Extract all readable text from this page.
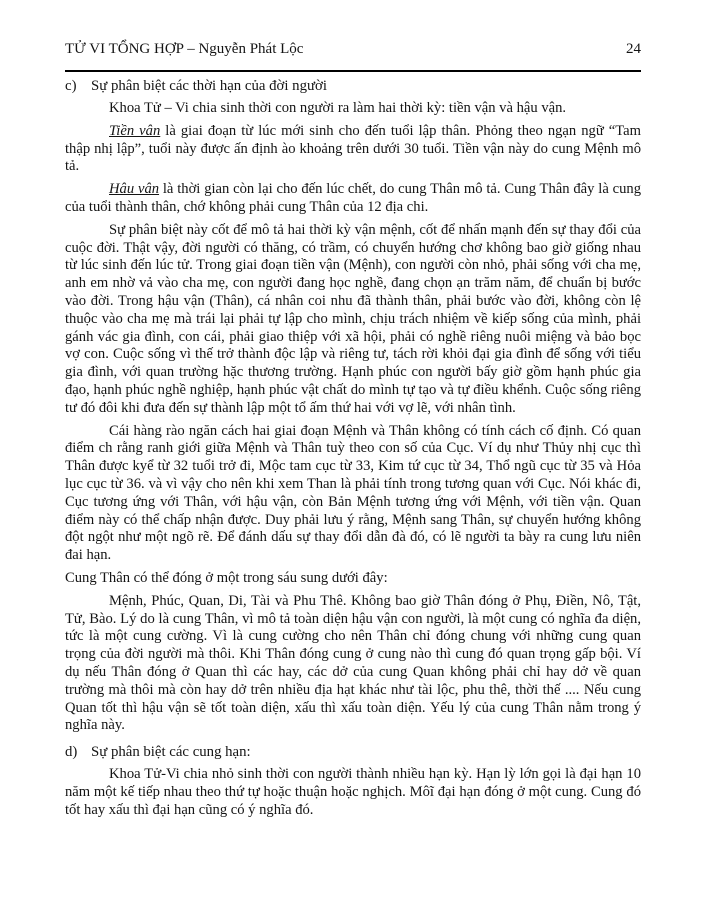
TỬ VI TỔNG HỢP – Nguyễn Phát Lộc	24
c) Sự phân biệt các thời hạn của đời người

Khoa Tử – Vi chia sinh thời con người ra làm hai thời kỳ: tiền vận và hậu vận.

Tiền vân là giai đoạn từ lúc mới sinh cho đến tuổi lập thân. Phỏng theo ngạn ngữ “Tam thập nhị lập”, tuổi này được ấn định ào khoảng trên dưới 30 tuổi. Tiền vận này do cung Mệnh mô tả.

Hâu vân là thời gian còn lại cho đến lúc chết, do cung Thân mô tả. Cung Thân đây là cung của tuổi thành thân, chớ không phải cung Thân của 12 địa chi.

Sự phân biệt này cốt để mô tả hai thời kỳ vận mệnh, cốt để nhấn mạnh đến sự thay đổi của cuộc đời. Thật vậy, đời người có thăng, có trầm, có chuyển hướng chơ không bao giờ giống nhau từ lúc sinh đến lúc tử. Trong giai đoạn tiền vận (Mệnh), con người còn nhỏ, phải sống với cha mẹ, anh em nhờ vả vào cha mẹ, con người đang học nghề, đang chọn ạn trăm năm, để chuẩn bị bước vào đời. Trong hậu vận (Thân), cá nhân coi nhu đã thành thân, phải bước vào đời, không còn lệ thuộc vào cha mẹ mà trái lại phải tự lập cho mình, chịu trách nhiệm về kiếp sống của mình, phải gánh vác gia đình, con cái, phải giao thiệp với xã hội, phải có nghề riêng nuôi miệng và bảo bọc vợ con. Cuộc sống vì thế trở thành độc lập và riêng tư, tách rời khỏi đại gia đình để sống với tiểu gia đình, với quan trường hặc thương trường. Hạnh phúc con người bấy giờ gồm hạnh phúc gia đạo, hạnh phúc nghề nghiệp, hạnh phúc vật chất do mình tự tạo và tự điều khểnh. Cuộc sống riêng tư đó đôi khi đưa đến sự thành lập một tổ ấm thứ hai với vợ lẽ, với nhân tình.

Cái hàng rào ngăn cách hai giai đoạn Mệnh và Thân không có tính cách cố định. Có quan điểm ch rằng ranh giới giữa Mệnh và Thân tuỳ theo con số của Cục. Ví dụ như Thủy nhị cục thì Thân được kyể từ 32 tuổi trở đi, Mộc tam cục từ 33, Kim tứ cục từ 34, Thổ ngũ cục từ 35 và Hỏa lục cục từ 36. và vì vậy cho nên khi xem Than là phải tính trong tương quan với Cục. Nói khác đi, Cục tương ứng với Thân, với hậu vận, còn Bản Mệnh tương ứng với Mệnh, với tiền vận. Quan điểm này có thể chấp nhận được. Duy phải lưu ý rằng, Mệnh sang Thân, sự chuyển hướng không đột ngột như một ngõ rẽ. Để đánh dấu sự thay đổi dẫn đà đó, có lẽ người ta bày ra cung lưu niên đai hạn.

Cung Thân có thể đóng ở một trong sáu sung dưới đây:

Mệnh, Phúc, Quan, Di, Tài và Phu Thê. Không bao giờ Thân đóng ở Phụ, Điền, Nô, Tật, Tử, Bào. Lý do là cung Thân, vì mô tả toàn diện hậu vận con người, là một cung có nghĩa đa diện, tức là một cung cường. Vì là cung cường cho nên Thân chỉ đóng chung với những cung quan trọng của đời người mà thôi. Khi Thân đóng cung ở cung nào thì cung đó quan trọng gấp bội. Ví dụ nếu Thân đóng ở Quan thì các hay, các dở của cung Quan không phải chỉ hay dở về quan trường mà thôi mà còn hay dở trên nhiều địa hạt khác như tài lộc, phu thê, thời thế .... Nếu cung Quan tốt thì hậu vận sẽ tốt toàn diện, xấu thì xấu toàn diện. Yếu lý của cung Thân nằm trong ý nghĩa này.

d) Sự phân biệt các cung hạn:

Khoa Tử-Vi chia nhỏ sinh thời con người thành nhiều hạn kỳ. Hạn lỳ lớn gọi là đại hạn 10 năm một kế tiếp nhau theo thứ tự hoặc thuận hoặc nghịch. Môĩ đại hạn đóng ở một cung. Cung đó tốt hay xấu thì đại hạn cũng có ý nghĩa đó.
